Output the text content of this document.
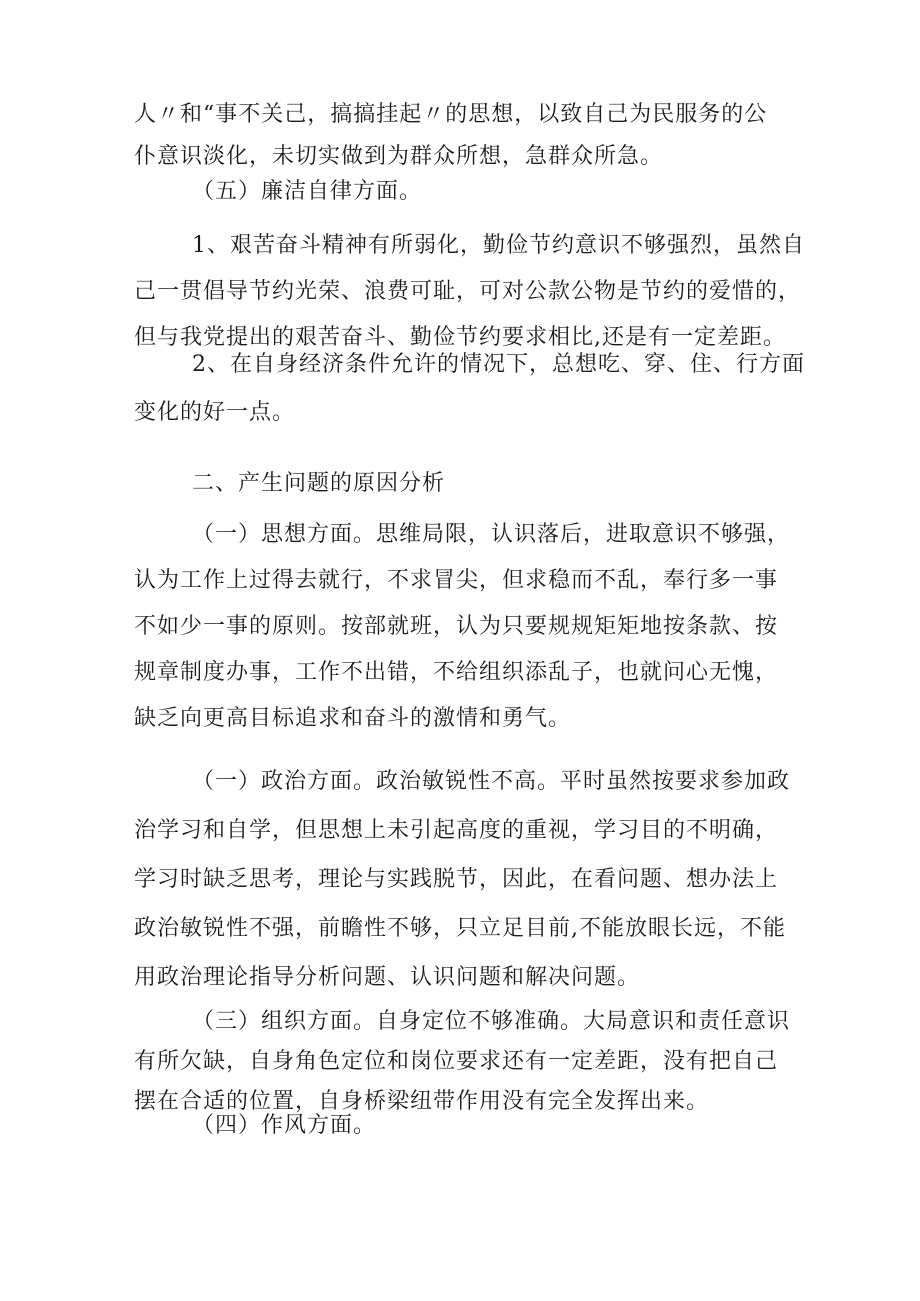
人〃和“事不关己，搞搞挂起〃的思想，以致自己为民服务的公
仆意识淡化，未切实做到为群众所想，急群众所急。

（五）廉洁自律方面。

1、艰苦奋斗精神有所弱化，勤俭节约意识不够强烈，虽然自
己一贯倡导节约光荣、浪费可耻，可对公款公物是节约的爱惜的，
但与我党提出的艰苦奋斗、勤俭节约要求相比,还是有一定差距。

2、在自身经济条件允许的情况下，总想吃、穿、住、行方面
变化的好一点。

二、产生问题的原因分析

（一）思想方面。思维局限，认识落后，进取意识不够强，
认为工作上过得去就行，不求冒尖，但求稳而不乱，奉行多一事
不如少一事的原则。按部就班，认为只要规规矩矩地按条款、按
规章制度办事，工作不出错，不给组织添乱子，也就问心无愧，
缺乏向更高目标追求和奋斗的激情和勇气。

（一）政治方面。政治敏锐性不高。平时虽然按要求参加政
治学习和自学，但思想上未引起高度的重视，学习目的不明确，
学习时缺乏思考，理论与实践脱节，因此，在看问题、想办法上
政治敏锐性不强，前瞻性不够，只立足目前,不能放眼长远，不能
用政治理论指导分析问题、认识问题和解决问题。

（三）组织方面。自身定位不够准确。大局意识和责任意识
有所欠缺，自身角色定位和岗位要求还有一定差距，没有把自己
摆在合适的位置，自身桥梁纽带作用没有完全发挥出来。

（四）作风方面。
